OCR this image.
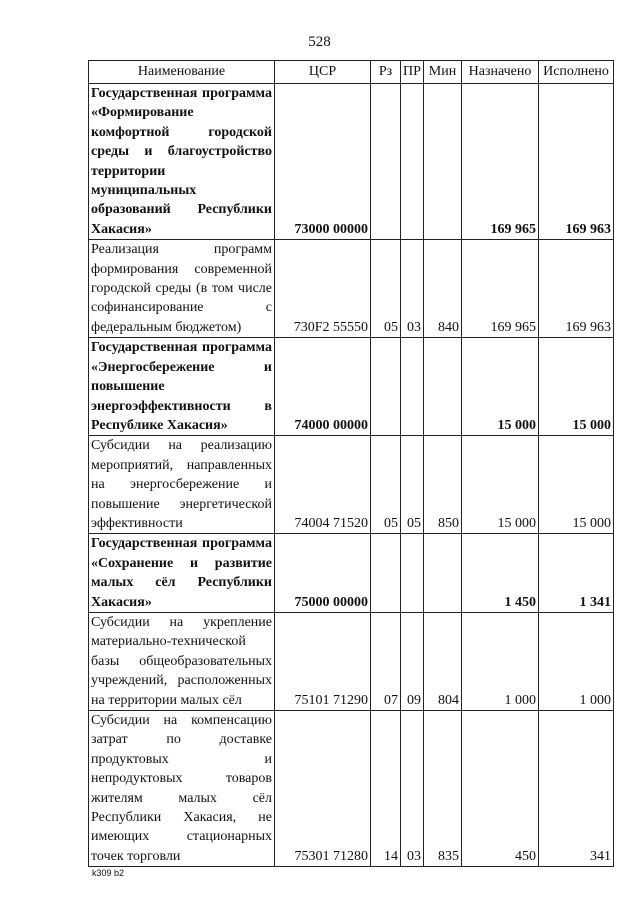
528
Наименование	ЦСР	Рз	ПР	Мин	Назначено	Исполнено
Государственная программа «Формирование комфортной городской среды и благоустройство территории муниципальных образований Республики Хакасия»	73000 00000				169 965	169 963
Реализация программ формирования современной городской среды (в том числе софинансирование с федеральным бюджетом)	730F2 55550	05	03	840	169 965	169 963
Государственная программа «Энергосбережение и повышение энергоэффективности в Республике Хакасия»	74000 00000				15 000	15 000
Субсидии на реализацию мероприятий, направленных на энергосбережение и повышение энергетической эффективности	74004 71520	05	05	850	15 000	15 000
Государственная программа «Сохранение и развитие малых сёл Республики Хакасия»	75000 00000				1 450	1 341
Субсидии на укрепление материально-технической базы общеобразовательных учреждений, расположенных на территории малых сёл	75101 71290	07	09	804	1 000	1 000
Субсидии на компенсацию затрат по доставке продуктовых и непродуктовых товаров жителям малых сёл Республики Хакасия, не имеющих стационарных точек торговли	75301 71280	14	03	835	450	341
k309 b2
